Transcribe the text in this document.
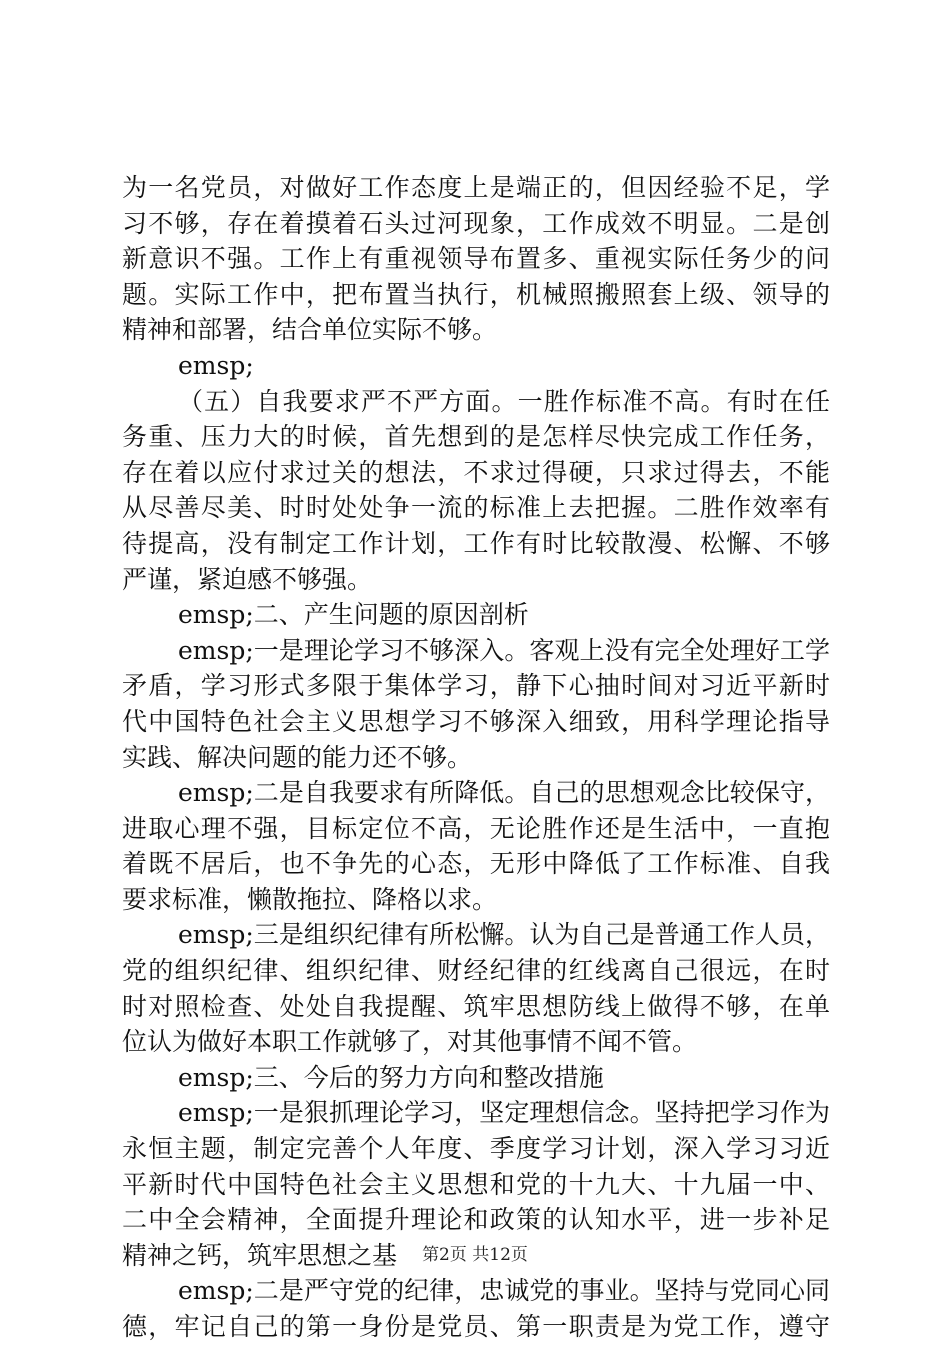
为一名党员，对做好工作态度上是端正的，但因经验不足，学
习不够，存在着摸着石头过河现象，工作成效不明显。二是创
新意识不强。工作上有重视领导布置多、重视实际任务少的问
题。实际工作中，把布置当执行，机械照搬照套上级、领导的
精神和部署，结合单位实际不够。
emsp;
（五）自我要求严不严方面。一胜作标准不高。有时在任
务重、压力大的时候，首先想到的是怎样尽快完成工作任务，
存在着以应付求过关的想法，不求过得硬，只求过得去，不能
从尽善尽美、时时处处争一流的标准上去把握。二胜作效率有
待提高，没有制定工作计划，工作有时比较散漫、松懈、不够
严谨，紧迫感不够强。
emsp;二、产生问题的原因剖析
emsp;一是理论学习不够深入。客观上没有完全处理好工学
矛盾，学习形式多限于集体学习，静下心抽时间对习近平新时
代中国特色社会主义思想学习不够深入细致，用科学理论指导
实践、解决问题的能力还不够。
emsp;二是自我要求有所降低。自己的思想观念比较保守，
进取心理不强，目标定位不高，无论胜作还是生活中，一直抱
着既不居后，也不争先的心态，无形中降低了工作标准、自我
要求标准，懒散拖拉、降格以求。
emsp;三是组织纪律有所松懈。认为自己是普通工作人员，
党的组织纪律、组织纪律、财经纪律的红线离自己很远，在时
时对照检查、处处自我提醒、筑牢思想防线上做得不够，在单
位认为做好本职工作就够了，对其他事情不闻不管。
emsp;三、今后的努力方向和整改措施
emsp;一是狠抓理论学习，坚定理想信念。坚持把学习作为
永恒主题，制定完善个人年度、季度学习计划，深入学习习近
平新时代中国特色社会主义思想和党的十九大、十九届一中、
二中全会精神，全面提升理论和政策的认知水平，进一步补足
精神之钙，筑牢思想之基
emsp;二是严守党的纪律，忠诚党的事业。坚持与党同心同
德，牢记自己的第一身份是党员、第一职责是为党工作，遵守
第2页 共12页
